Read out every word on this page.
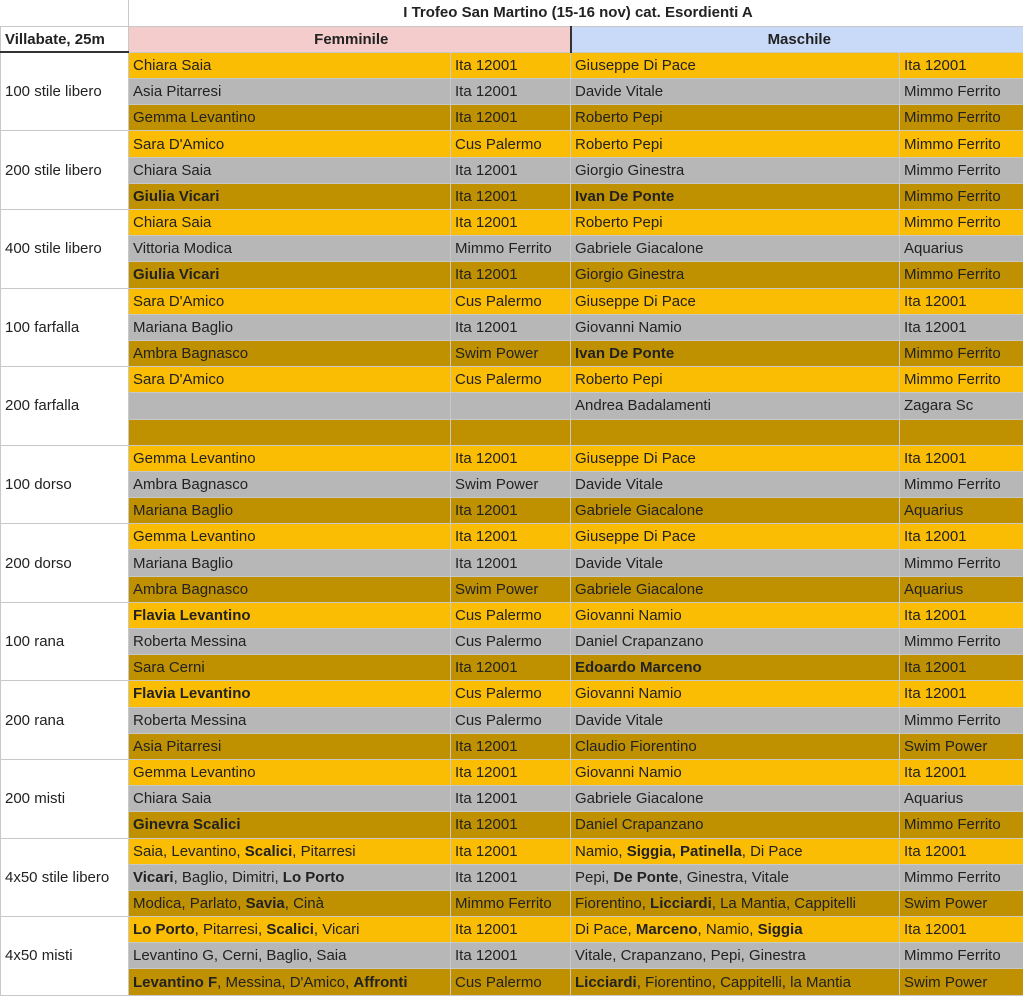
	I Trofeo San Martino (15-16 nov) cat. Esordienti A			
Villabate, 25m	Femminile		Maschile	
100 stile libero	Chiara Saia	Ita 12001	Giuseppe Di Pace	Ita 12001
	Asia Pitarresi	Ita 12001	Davide Vitale	Mimmo Ferrito
	Gemma Levantino	Ita 12001	Roberto Pepi	Mimmo Ferrito
200 stile libero	Sara D'Amico	Cus Palermo	Roberto Pepi	Mimmo Ferrito
	Chiara Saia	Ita 12001	Giorgio Ginestra	Mimmo Ferrito
	Giulia Vicari	Ita 12001	Ivan De Ponte	Mimmo Ferrito
400 stile libero	Chiara Saia	Ita 12001	Roberto Pepi	Mimmo Ferrito
	Vittoria Modica	Mimmo Ferrito	Gabriele Giacalone	Aquarius
	Giulia Vicari	Ita 12001	Giorgio Ginestra	Mimmo Ferrito
100 farfalla	Sara D'Amico	Cus Palermo	Giuseppe Di Pace	Ita 12001
	Mariana Baglio	Ita 12001	Giovanni Namio	Ita 12001
	Ambra Bagnasco	Swim Power	Ivan De Ponte	Mimmo Ferrito
200 farfalla	Sara D'Amico	Cus Palermo	Roberto Pepi	Mimmo Ferrito
			Andrea Badalamenti	Zagara Sc

100 dorso	Gemma Levantino	Ita 12001	Giuseppe Di Pace	Ita 12001
	Ambra Bagnasco	Swim Power	Davide Vitale	Mimmo Ferrito
	Mariana Baglio	Ita 12001	Gabriele Giacalone	Aquarius
200 dorso	Gemma Levantino	Ita 12001	Giuseppe Di Pace	Ita 12001
	Mariana Baglio	Ita 12001	Davide Vitale	Mimmo Ferrito
	Ambra Bagnasco	Swim Power	Gabriele Giacalone	Aquarius
100 rana	Flavia Levantino	Cus Palermo	Giovanni Namio	Ita 12001
	Roberta Messina	Cus Palermo	Daniel Crapanzano	Mimmo Ferrito
	Sara Cerni	Ita 12001	Edoardo Marceno	Ita 12001
200 rana	Flavia Levantino	Cus Palermo	Giovanni Namio	Ita 12001
	Roberta Messina	Cus Palermo	Davide Vitale	Mimmo Ferrito
	Asia Pitarresi	Ita 12001	Claudio Fiorentino	Swim Power
200 misti	Gemma Levantino	Ita 12001	Giovanni Namio	Ita 12001
	Chiara Saia	Ita 12001	Gabriele Giacalone	Aquarius
	Ginevra Scalici	Ita 12001	Daniel Crapanzano	Mimmo Ferrito
4x50 stile libero	Saia, Levantino, Scalici, Pitarresi	Ita 12001	Namio, Siggia, Patinella, Di Pace	Ita 12001
	Vicari, Baglio, Dimitri, Lo Porto	Ita 12001	Pepi, De Ponte, Ginestra, Vitale	Mimmo Ferrito
	Modica, Parlato, Savia, Cinà	Mimmo Ferrito	Fiorentino, Licciardi, La Mantia, Cappitelli	Swim Power
4x50 misti	Lo Porto, Pitarresi, Scalici, Vicari	Ita 12001	Di Pace, Marceno, Namio, Siggia	Ita 12001
	Levantino G, Cerni, Baglio, Saia	Ita 12001	Vitale, Crapanzano, Pepi, Ginestra	Mimmo Ferrito
	Levantino F, Messina, D'Amico, Affronti	Cus Palermo	Licciardi, Fiorentino, Cappitelli, la Mantia	Swim Power
